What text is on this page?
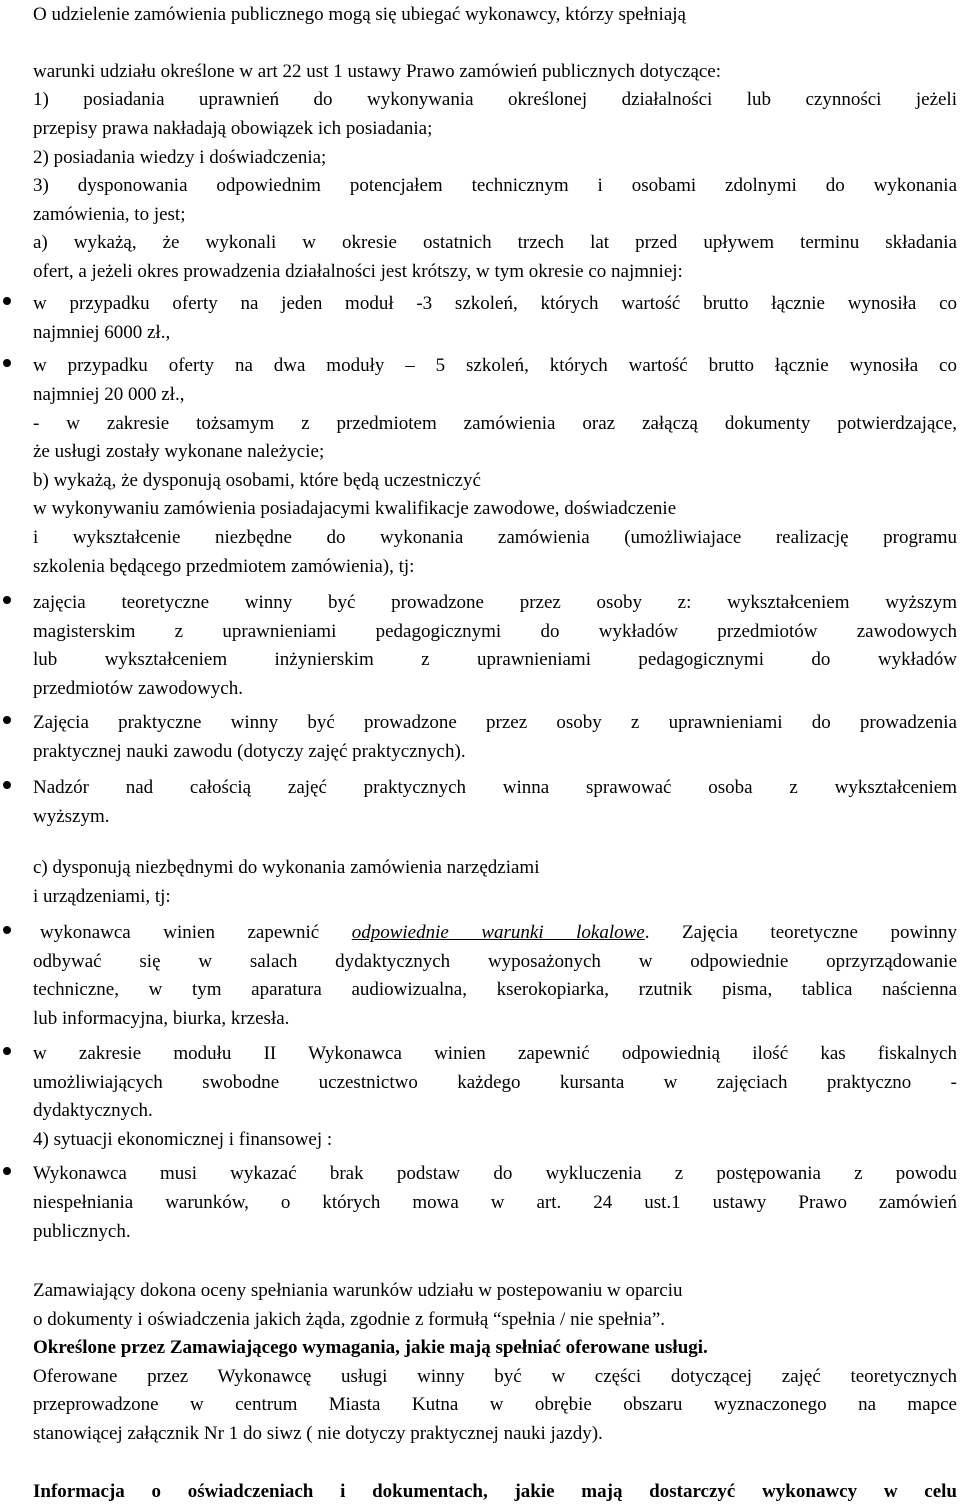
O udzielenie zamówienia publicznego mogą się ubiegać wykonawcy, którzy spełniają
warunki udziału określone w art 22 ust 1 ustawy Prawo zamówień publicznych dotyczące:
1) posiadania uprawnień do wykonywania określonej działalności lub czynności jeżeli
przepisy prawa nakładają obowiązek ich posiadania;
2) posiadania wiedzy i doświadczenia;
3) dysponowania odpowiednim potencjałem technicznym i osobami zdolnymi do wykonania
zamówienia, to jest;
a) wykażą, że wykonali w okresie ostatnich trzech lat przed upływem terminu składania
ofert, a jeżeli okres prowadzenia działalności jest krótszy, w tym okresie co najmniej:
w przypadku oferty na jeden moduł -3 szkoleń, których wartość brutto łącznie wynosiła co
najmniej 6000 zł.,
w przypadku oferty na dwa moduły – 5 szkoleń, których wartość brutto łącznie wynosiła co
najmniej 20 000 zł.,
- w zakresie tożsamym z przedmiotem zamówienia oraz załączą dokumenty potwierdzające,
że usługi zostały wykonane należycie;
b) wykażą, że dysponują osobami, które będą uczestniczyć
w wykonywaniu zamówienia posiadajacymi kwalifikacje zawodowe, doświadczenie
i wykształcenie niezbędne do wykonania zamówienia (umożliwiajace realizację programu
szkolenia będącego przedmiotem zamówienia), tj:
zajęcia teoretyczne winny być prowadzone przez osoby z: wykształceniem wyższym
magisterskim z uprawnieniami pedagogicznymi do wykładów przedmiotów zawodowych
lub wykształceniem inżynierskim z uprawnieniami pedagogicznymi do wykładów
przedmiotów zawodowych.
Zajęcia praktyczne winny być prowadzone przez osoby z uprawnieniami do prowadzenia
praktycznej nauki zawodu (dotyczy zajęć praktycznych).
Nadzór nad całością zajęć praktycznych winna sprawować osoba z wykształceniem
wyższym.
c) dysponują niezbędnymi do wykonania zamówienia narzędziami
i urządzeniami, tj:
wykonawca winien zapewnić odpowiednie warunki lokalowe. Zajęcia teoretyczne powinny
odbywać się w salach dydaktycznych wyposażonych w odpowiednie oprzyrządowanie
techniczne, w tym aparatura audiowizualna, kserokopiarka, rzutnik pisma, tablica naścienna
lub informacyjna, biurka, krzesła.
w zakresie modułu II Wykonawca winien zapewnić odpowiednią ilość kas fiskalnych
umożliwiających swobodne uczestnictwo każdego kursanta w zajęciach praktyczno -
dydaktycznych.
4) sytuacji ekonomicznej i finansowej :
Wykonawca musi wykazać brak podstaw do wykluczenia z postępowania z powodu
niespełniania warunków, o których mowa w art. 24 ust.1 ustawy Prawo zamówień
publicznych.
Zamawiający dokona oceny spełniania warunków udziału w postepowaniu w oparciu
o dokumenty i oświadczenia jakich żąda, zgodnie z formułą “spełnia / nie spełnia”.
Określone przez Zamawiającego wymagania, jakie mają spełniać oferowane usługi.
Oferowane przez Wykonawcę usługi winny być w części dotyczącej zajęć teoretycznych
przeprowadzone w centrum Miasta Kutna w obrębie obszaru wyznaczonego na mapce
stanowiącej załącznik Nr 1 do siwz ( nie dotyczy praktycznej nauki jazdy).
Informacja o oświadczeniach i dokumentach, jakie mają dostarczyć wykonawcy w celu
